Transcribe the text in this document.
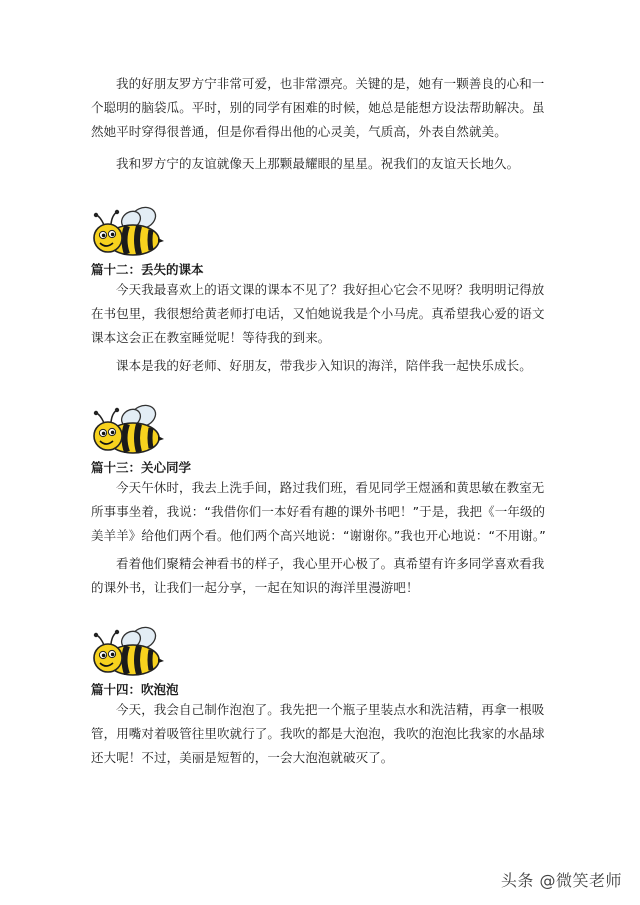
我的好朋友罗方宁非常可爱，也非常漂亮。关键的是，她有一颗善良的心和一个聪明的脑袋瓜。平时，别的同学有困难的时候，她总是能想方设法帮助解决。虽然她平时穿得很普通，但是你看得出他的心灵美，气质高，外表自然就美。

我和罗方宁的友谊就像天上那颗最耀眼的星星。祝我们的友谊天长地久。

篇十二：丢失的课本

今天我最喜欢上的语文课的课本不见了？我好担心它会不见呀？我明明记得放在书包里，我很想给黄老师打电话，又怕她说我是个小马虎。真希望我心爱的语文课本这会正在教室睡觉呢！等待我的到来。

课本是我的好老师、好朋友，带我步入知识的海洋，陪伴我一起快乐成长。

篇十三：关心同学

今天午休时，我去上洗手间，路过我们班，看见同学王煜涵和黄思敏在教室无所事事坐着，我说：“我借你们一本好看有趣的课外书吧！”于是，我把《一年级的美羊羊》给他们两个看。他们两个高兴地说：“谢谢你。”我也开心地说：“不用谢。”

看着他们聚精会神看书的样子，我心里开心极了。真希望有许多同学喜欢看我的课外书，让我们一起分享，一起在知识的海洋里漫游吧！

篇十四：吹泡泡

今天，我会自己制作泡泡了。我先把一个瓶子里装点水和洗洁精，再拿一根吸管，用嘴对着吸管往里吹就行了。我吹的都是大泡泡，我吹的泡泡比我家的水晶球还大呢！不过，美丽是短暂的，一会大泡泡就破灭了。

头条 @微笑老师
